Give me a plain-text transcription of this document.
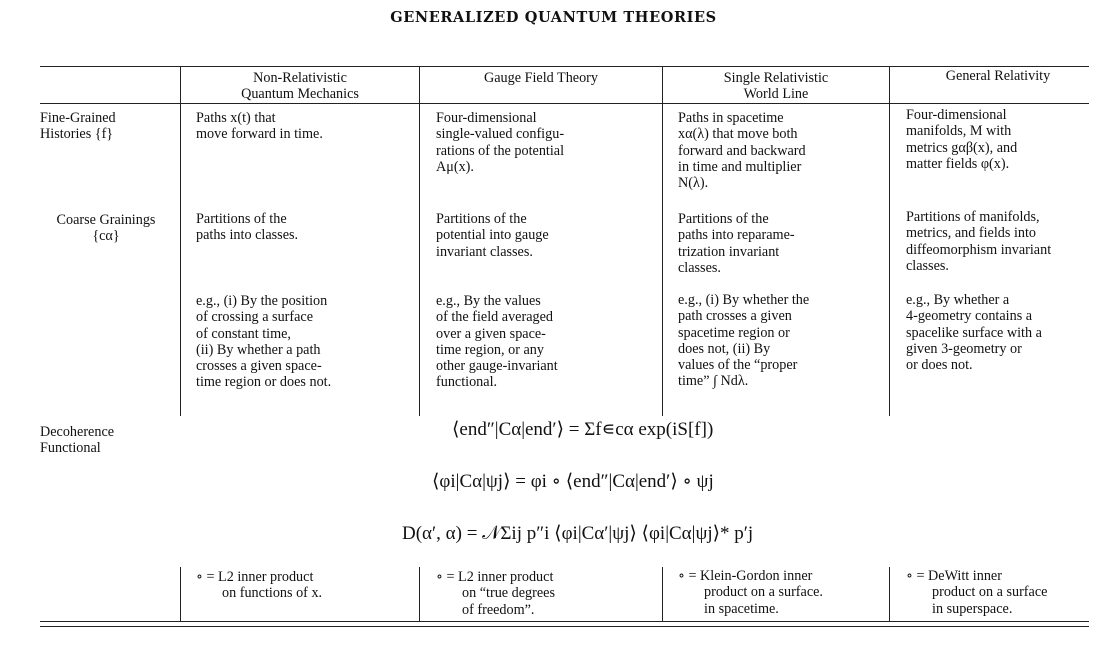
GENERALIZED QUANTUM THEORIES
Non-Relativistic
Quantum Mechanics
Gauge Field Theory	Single Relativistic
World Line
General Relativity
Fine-Grained
Histories {f}
Coarse Grainings
{cα}
Decoherence
Functional
Paths x(t) that
move forward in time.
Four-dimensional
single-valued configu-
rations of the potential
Aμ(x).
Paths in spacetime
xα(λ) that move both
forward and backward
in time and multiplier
N(λ).
Four-dimensional
manifolds, M with
metrics gαβ(x), and
matter fields φ(x).
Partitions of the
paths into classes.
Partitions of the
potential into gauge
invariant classes.
Partitions of the
paths into reparame-
trization invariant
classes.
Partitions of manifolds,
metrics, and fields into
diffeomorphism invariant
classes.
e.g., (i) By the position
of crossing a surface
of constant time,
(ii) By whether a path
crosses a given space-
time region or does not.
e.g., By the values
of the field averaged
over a given space-
time region, or any
other gauge-invariant
functional.
e.g., (i) By whether the
path crosses a given
spacetime region or
does not, (ii) By
values of the “proper
time” ∫ Ndλ.
e.g., By whether a
4-geometry contains a
spacelike surface with a
given 3-geometry or
or does not.
⟨end″|Cα|end′⟩ = Σf∊cα exp(iS[f])
⟨φi|Cα|ψj⟩ = φi ∘ ⟨end″|Cα|end′⟩ ∘ ψj
D(α′, α) = 𝒩Σij p″i ⟨φi|Cα′|ψj⟩ ⟨φi|Cα|ψj⟩* p′j
∘ = L2 inner product
on functions of x.
∘ = L2 inner product
on “true degrees
of freedom”.
∘ = Klein-Gordon inner
product on a surface.
in spacetime.
∘ = DeWitt inner
product on a surface
in superspace.
